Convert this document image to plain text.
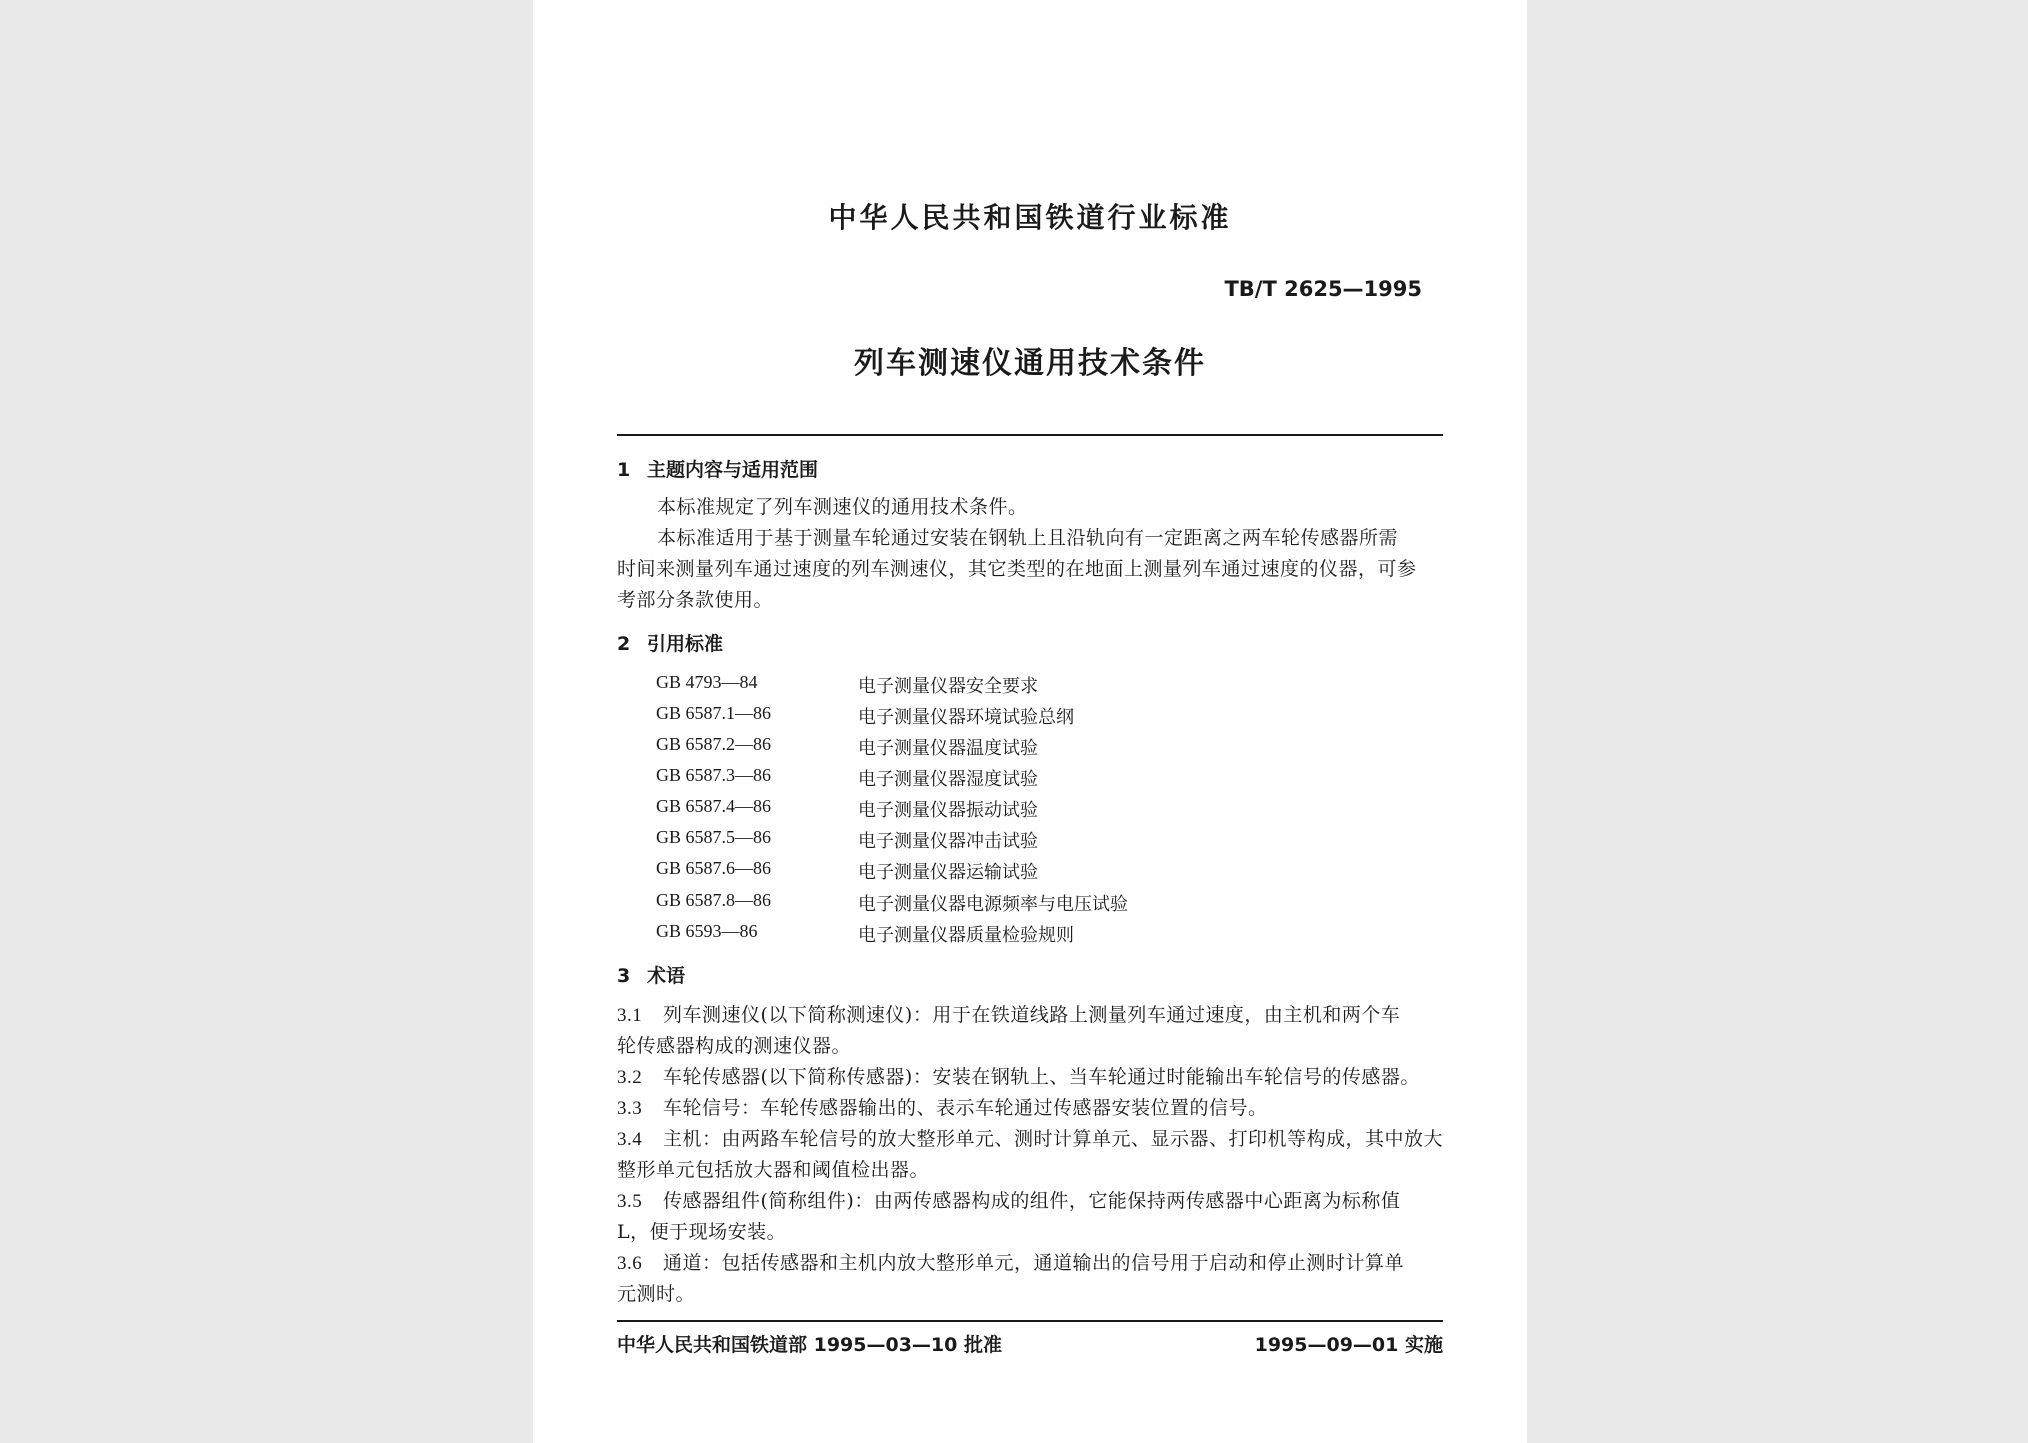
中华人民共和国铁道行业标准
TB/T 2625—1995
列车测速仪通用技术条件
1 主题内容与适用范围
本标准规定了列车测速仪的通用技术条件。
本标准适用于基于测量车轮通过安装在钢轨上且沿轨向有一定距离之两车轮传感器所需
时间来测量列车通过速度的列车测速仪，其它类型的在地面上测量列车通过速度的仪器，可参
考部分条款使用。
2 引用标准
GB 4793—84	电子测量仪器安全要求
GB 6587.1—86	电子测量仪器环境试验总纲
GB 6587.2—86	电子测量仪器温度试验
GB 6587.3—86	电子测量仪器湿度试验
GB 6587.4—86	电子测量仪器振动试验
GB 6587.5—86	电子测量仪器冲击试验
GB 6587.6—86	电子测量仪器运输试验
GB 6587.8—86	电子测量仪器电源频率与电压试验
GB 6593—86	电子测量仪器质量检验规则
3 术语
3.1 列车测速仪(以下简称测速仪)：用于在铁道线路上测量列车通过速度，由主机和两个车
轮传感器构成的测速仪器。
3.2 车轮传感器(以下简称传感器)：安装在钢轨上、当车轮通过时能输出车轮信号的传感器。
3.3 车轮信号：车轮传感器输出的、表示车轮通过传感器安装位置的信号。
3.4 主机：由两路车轮信号的放大整形单元、测时计算单元、显示器、打印机等构成，其中放大
整形单元包括放大器和阈值检出器。
3.5 传感器组件(简称组件)：由两传感器构成的组件，它能保持两传感器中心距离为标称值
L，便于现场安装。
3.6 通道：包括传感器和主机内放大整形单元，通道输出的信号用于启动和停止测时计算单
元测时。
中华人民共和国铁道部 1995—03—10 批准	1995—09—01 实施
